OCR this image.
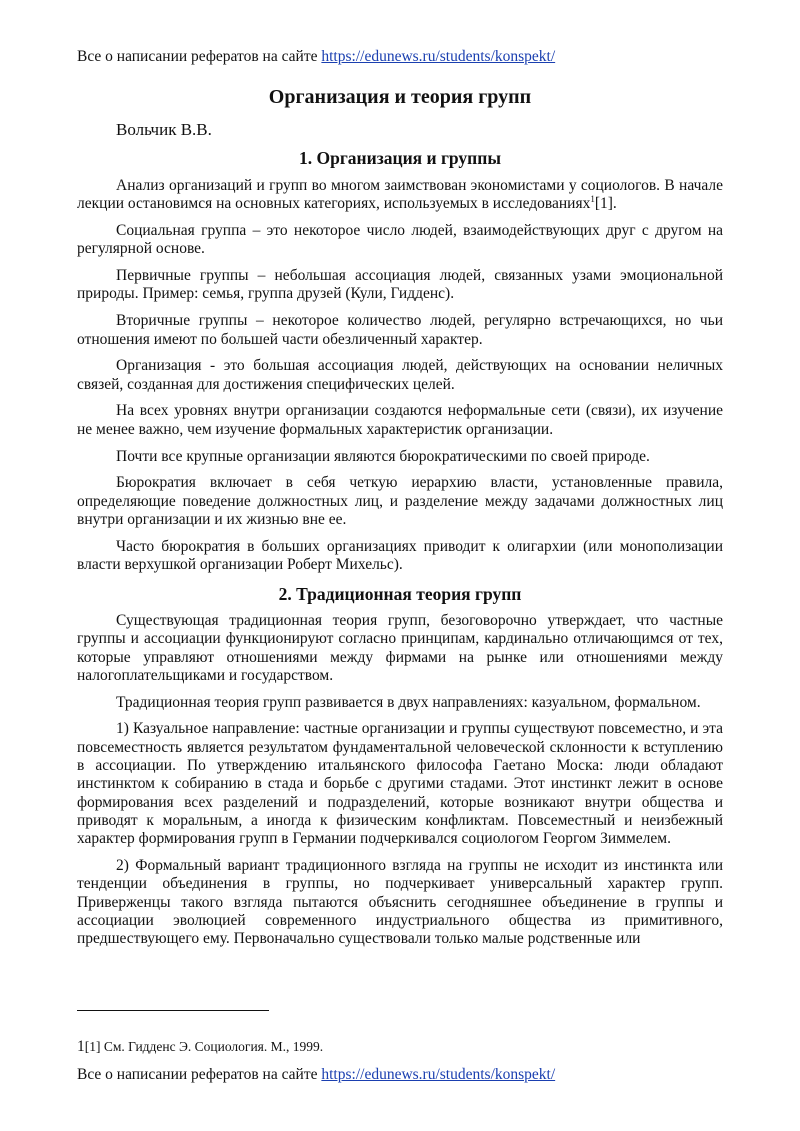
Все о написании рефератов на сайте https://edunews.ru/students/konspekt/
Организация и теория групп
Вольчик В.В.
1. Организация и группы

Анализ организаций и групп во многом заимствован экономистами у социологов. В начале лекции остановимся на основных категориях, используемых в исследованиях$^1$[1].

Социальная группа – это некоторое число людей, взаимодействующих друг с другом на регулярной основе.

Первичные группы – небольшая ассоциация людей, связанных узами эмоциональной природы. Пример: семья, группа друзей (Кули, Гидденс).

Вторичные группы – некоторое количество людей, регулярно встречающихся, но чьи отношения имеют по большей части обезличенный характер.

Организация - это большая ассоциация людей, действующих на основании неличных связей, созданная для достижения специфических целей.

На всех уровнях внутри организации создаются неформальные сети (связи), их изучение не менее важно, чем изучение формальных характеристик организации.

Почти все крупные организации являются бюрократическими по своей природе.

Бюрократия включает в себя четкую иерархию власти, установленные правила, определяющие поведение должностных лиц, и разделение между задачами должностных лиц внутри организации и их жизнью вне ее.

Часто бюрократия в больших организациях приводит к олигархии (или монополизации власти верхушкой организации Роберт Михельс).

2. Традиционная теория групп

Существующая традиционная теория групп, безоговорочно утверждает, что частные группы и ассоциации функционируют согласно принципам, кардинально отличающимся от тех, которые управляют отношениями между фирмами на рынке или отношениями между налогоплательщиками и государством.

Традиционная теория групп развивается в двух направлениях: казуальном, формальном.

1) Казуальное направление: частные организации и группы существуют повсеместно, и эта повсеместность является результатом фундаментальной человеческой склонности к вступлению в ассоциации. По утверждению итальянского философа Гаетано Моска: люди обладают инстинктом к собиранию в стада и борьбе с другими стадами. Этот инстинкт лежит в основе формирования всех разделений и подразделений, которые возникают внутри общества и приводят к моральным, а иногда к физическим конфликтам. Повсеместный и неизбежный характер формирования групп в Германии подчеркивался социологом Георгом Зиммелем.

2) Формальный вариант традиционного взгляда на группы не исходит из инстинкта или тенденции объединения в группы, но подчеркивает универсальный характер групп. Приверженцы такого взгляда пытаются объяснить сегодняшнее объединение в группы и ассоциации эволюцией современного индустриального общества из примитивного, предшествующего ему. Первоначально существовали только малые родственные или

1[1] См. Гидденс Э. Социология. М., 1999.
Все о написании рефератов на сайте https://edunews.ru/students/konspekt/
